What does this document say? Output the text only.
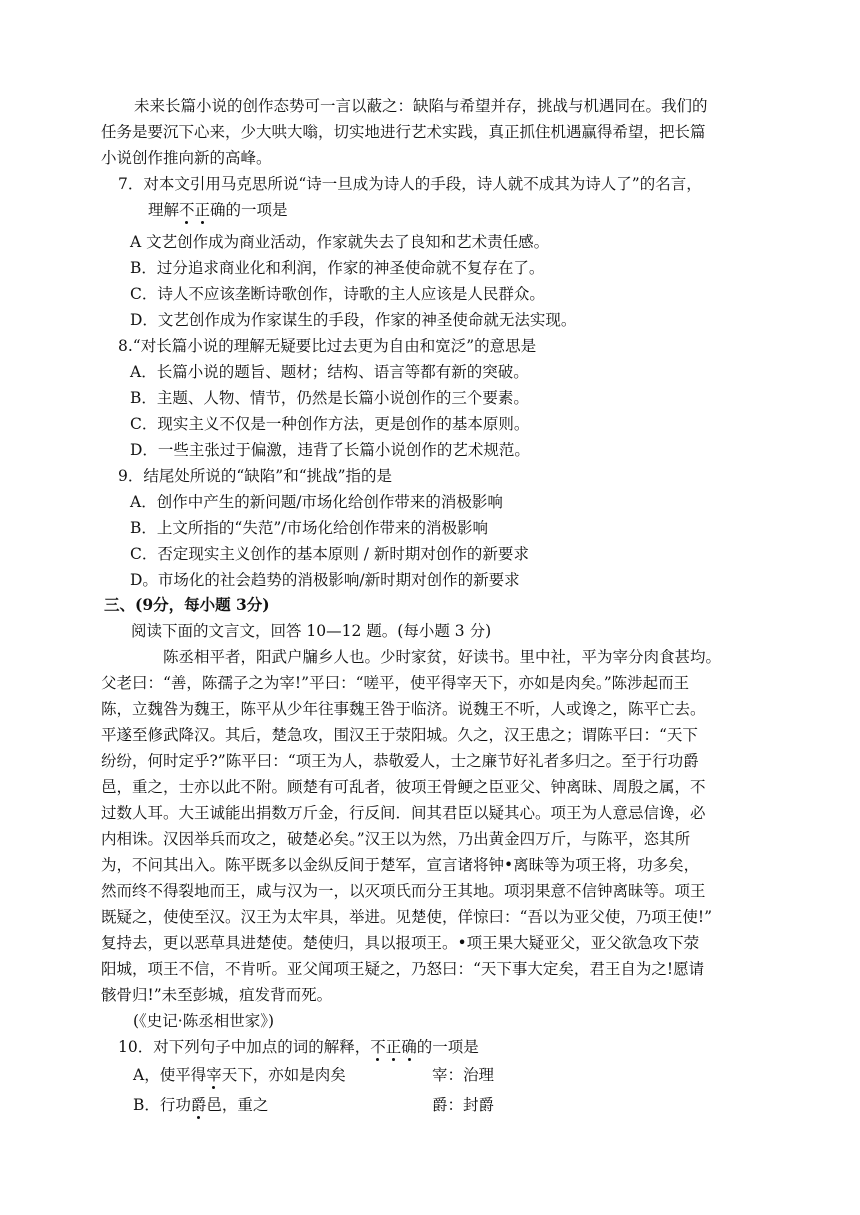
未来长篇小说的创作态势可一言以蔽之：缺陷与希望并存，挑战与机遇同在。我们的
任务是要沉下心来，少大哄大嗡，切实地进行艺术实践，真正抓住机遇赢得希望，把长篇
小说创作推向新的高峰。
7．对本文引用马克思所说“诗一旦成为诗人的手段，诗人就不成其为诗人了”的名言，
理解不正确的一项是
A 文艺创作成为商业活动，作家就失去了良知和艺术责任感。
B．过分追求商业化和利润，作家的神圣使命就不复存在了。
C．诗人不应该垄断诗歌创作，诗歌的主人应该是人民群众。
D．文艺创作成为作家谋生的手段，作家的神圣使命就无法实现。
8.“对长篇小说的理解无疑要比过去更为自由和宽泛”的意思是
A．长篇小说的题旨、题材；结构、语言等都有新的突破。
B．主题、人物、情节，仍然是长篇小说创作的三个要素。
C．现实主义不仅是一种创作方法，更是创作的基本原则。
D．一些主张过于偏激，违背了长篇小说创作的艺术规范。
9．结尾处所说的“缺陷”和“挑战”指的是
A．创作中产生的新问题/市场化给创作带来的消极影响
B．上文所指的“失范”/市场化给创作带来的消极影响
C．否定现实主义创作的基本原则 / 新时期对创作的新要求
D。市场化的社会趋势的消极影响/新时期对创作的新要求
三、(9分，每小题 3分)
阅读下面的文言文，回答 10—12 题。(每小题 3 分)
陈丞相平者，阳武户牖乡人也。少时家贫，好读书。里中社，平为宰分肉食甚均。
父老曰：“善，陈孺子之为宰!”平曰：“嗟平，使平得宰天下，亦如是肉矣。”陈涉起而王
陈，立魏咎为魏王，陈平从少年往事魏王咎于临济。说魏王不听，人或谗之，陈平亡去。
平遂至修武降汉。其后，楚急攻，围汉王于荥阳城。久之，汉王患之；谓陈平曰：“天下
纷纷，何时定乎?”陈平曰：“项王为人，恭敬爱人，士之廉节好礼者多归之。至于行功爵
邑，重之，士亦以此不附。顾楚有可乱者，彼项王骨鲠之臣亚父、钟离昧、周殷之属，不
过数人耳。大王诚能出捐数万斤金，行反间．间其君臣以疑其心。项王为人意忌信谗，必
内相诛。汉因举兵而攻之，破楚必矣。”汉王以为然，乃出黄金四万斤，与陈平，恣其所
为，不问其出入。陈平既多以金纵反间于楚军，宣言诸将钟•离昧等为项王将，功多矣，
然而终不得裂地而王，咸与汉为一，以灭项氏而分王其地。项羽果意不信钟离昧等。项王
既疑之，使使至汉。汉王为太牢具，举进。见楚使，佯惊曰：“吾以为亚父使，乃项王使!”
复持去，更以恶草具进楚使。楚使归，具以报项王。•项王果大疑亚父，亚父欲急攻下荥
阳城，项王不信，不肯听。亚父闻项王疑之，乃怒曰：“天下事大定矣，君王自为之!愿请
骸骨归!”未至彭城，疽发背而死。
(《史记·陈丞相世家》)
10．对下列句子中加点的词的解释，不正确的一项是
A，使平得宰天下，亦如是肉矣	宰：治理
B．行功爵邑，重之	爵：封爵
